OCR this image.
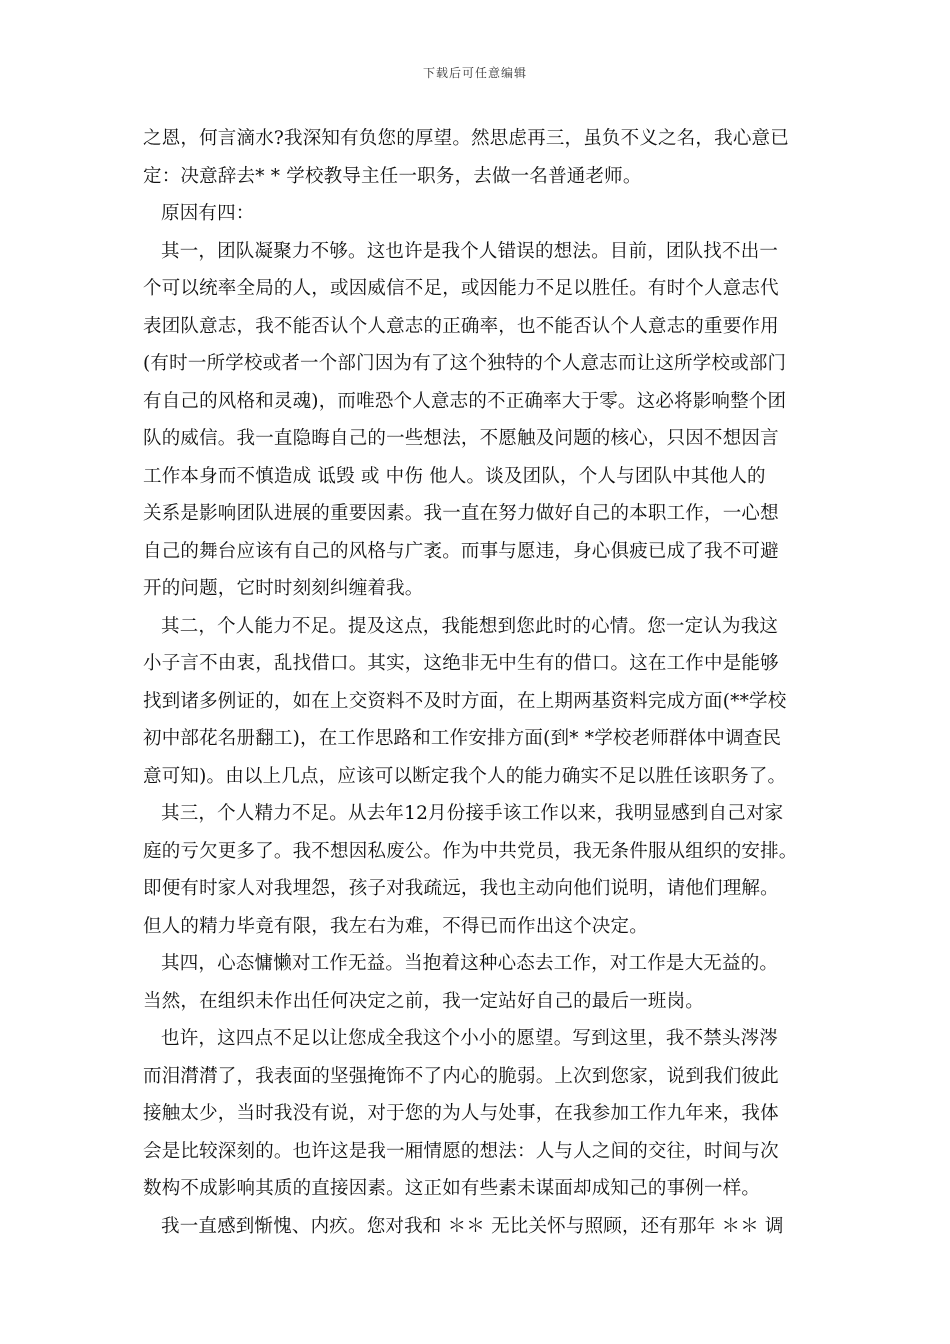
下载后可任意编辑
之恩，何言滴水?我深知有负您的厚望。然思虑再三，虽负不义之名，我心意已
定：决意辞去* * 学校教导主任一职务，去做一名普通老师。
原因有四：
其一，团队凝聚力不够。这也许是我个人错误的想法。目前，团队找不出一
个可以统率全局的人，或因威信不足，或因能力不足以胜任。有时个人意志代
表团队意志，我不能否认个人意志的正确率，也不能否认个人意志的重要作用
(有时一所学校或者一个部门因为有了这个独特的个人意志而让这所学校或部门
有自己的风格和灵魂)，而唯恐个人意志的不正确率大于零。这必将影响整个团
队的威信。我一直隐晦自己的一些想法，不愿触及问题的核心，只因不想因言
工作本身而不慎造成 诋毁 或 中伤 他人。谈及团队，个人与团队中其他人的
关系是影响团队进展的重要因素。我一直在努力做好自己的本职工作，一心想
自己的舞台应该有自己的风格与广袤。而事与愿违，身心俱疲已成了我不可避
开的问题，它时时刻刻纠缠着我。
其二，个人能力不足。提及这点，我能想到您此时的心情。您一定认为我这
小子言不由衷，乱找借口。其实，这绝非无中生有的借口。这在工作中是能够
找到诸多例证的，如在上交资料不及时方面，在上期两基资料完成方面(**学校
初中部花名册翻工)，在工作思路和工作安排方面(到* *学校老师群体中调查民
意可知)。由以上几点，应该可以断定我个人的能力确实不足以胜任该职务了。
其三，个人精力不足。从去年12月份接手该工作以来，我明显感到自己对家
庭的亏欠更多了。我不想因私废公。作为中共党员，我无条件服从组织的安排。
即便有时家人对我埋怨，孩子对我疏远，我也主动向他们说明，请他们理解。
但人的精力毕竟有限，我左右为难，不得已而作出这个决定。
其四，心态慵懒对工作无益。当抱着这种心态去工作，对工作是大无益的。
当然，在组织未作出任何决定之前，我一定站好自己的最后一班岗。
也许，这四点不足以让您成全我这个小小的愿望。写到这里，我不禁头涔涔
而泪潸潸了，我表面的坚强掩饰不了内心的脆弱。上次到您家，说到我们彼此
接触太少，当时我没有说，对于您的为人与处事，在我参加工作九年来，我体
会是比较深刻的。也许这是我一厢情愿的想法：人与人之间的交往，时间与次
数构不成影响其质的直接因素。这正如有些素未谋面却成知己的事例一样。
我一直感到惭愧、内疚。您对我和 ＊＊ 无比关怀与照顾，还有那年 ＊＊ 调
